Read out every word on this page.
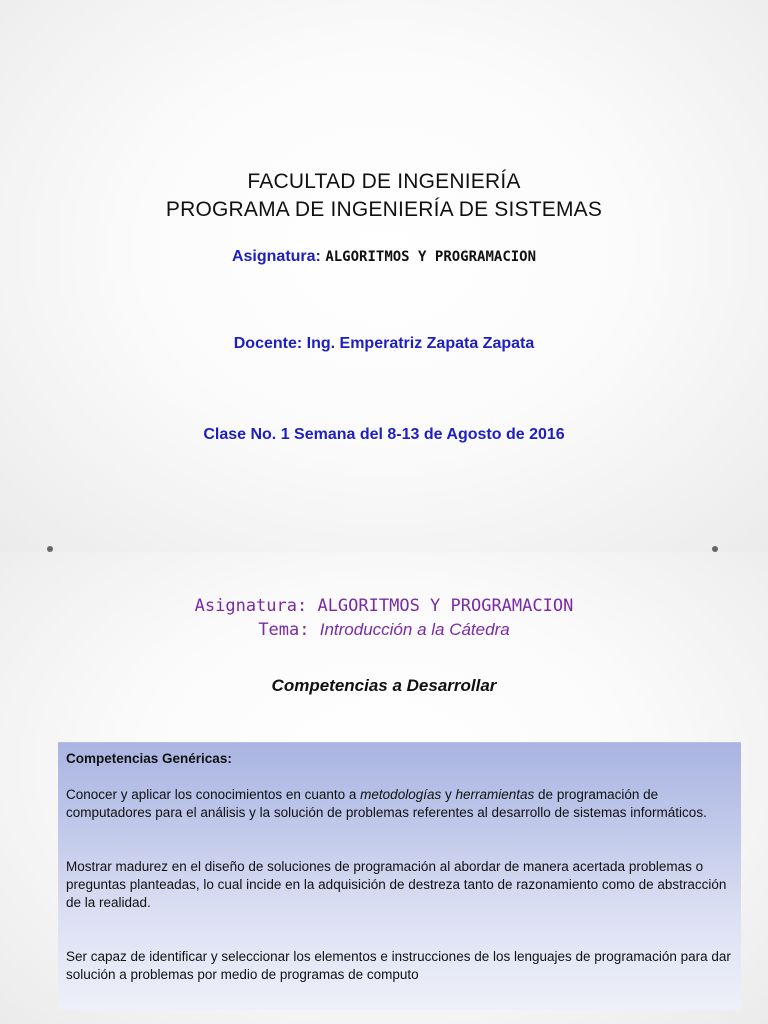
FACULTAD DE INGENIERÍA
PROGRAMA DE INGENIERÍA DE SISTEMAS
Asignatura: ALGORITMOS Y PROGRAMACION
Docente: Ing. Emperatriz Zapata Zapata
Clase No. 1 Semana del 8-13 de Agosto de 2016
Asignatura: ALGORITMOS Y PROGRAMACION
Tema: Introducción a la Cátedra
Competencias a Desarrollar

Competencias Genéricas:

Conocer y aplicar los conocimientos en cuanto a metodologías y herramientas de programación de computadores para el análisis y la solución de problemas referentes al desarrollo de sistemas informáticos.

Mostrar madurez en el diseño de soluciones de programación al abordar de manera acertada problemas o preguntas planteadas, lo cual incide en la adquisición de destreza tanto de razonamiento como de abstracción de la realidad.

Ser capaz de identificar y seleccionar los elementos e instrucciones de los lenguajes de programación para dar solución a problemas por medio de programas de computo
